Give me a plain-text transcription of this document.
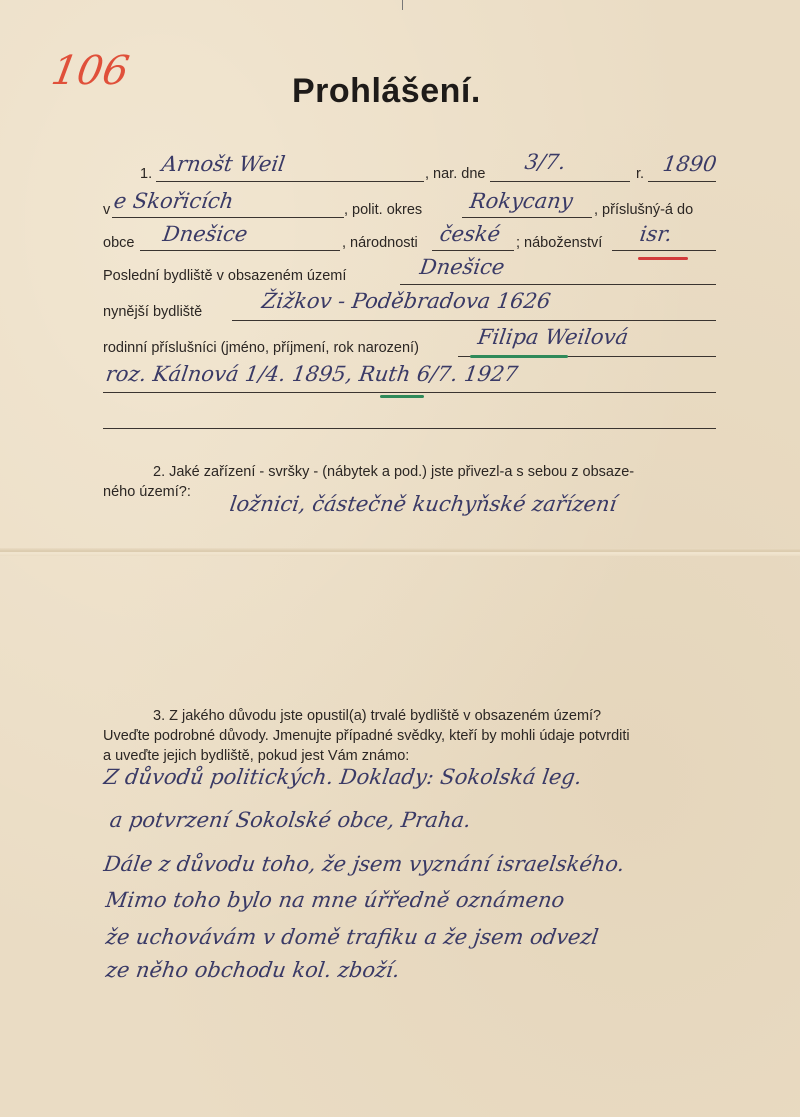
106	Prohlášení.
1. Arnošt Weil	, nar. dne 3/7.	r. 1890
v e Skořicích	, polit. okres Rokycany , příslušný-á do
obce Dnešice	, národnosti české ; náboženství isr.
Poslední bydliště v obsazeném území	Dnešice
nynější bydliště	Žižkov - Poděbradova 1626
rodinní příslušníci (jméno, příjmení, rok narození)	Filipa Weilová
roz. Kálnová 1/4. 1895, Ruth 6/7. 1927
2. Jaké zařízení - svršky - (nábytek a pod.) jste přivezl-a s sebou z obsaze-
ného území?:	ložnici, částečně kuchyňské zařízení
3. Z jakého důvodu jste opustil(a) trvalé bydliště v obsazeném území?
Uveďte podrobné důvody. Jmenujte případné svědky, kteří by mohli údaje potvrditi
a uveďte jejich bydliště, pokud jest Vám známo:
Z důvodů politických. Doklady: Sokolská leg.
a potvrzení Sokolské obce, Praha.
Dále z důvodu toho, že jsem vyznání israelského.
Mimo toho bylo na mne úřředně oznámeno
že uchovávám v domě trafiku a že jsem odvezl
ze něho obchodu kol. zboží.
